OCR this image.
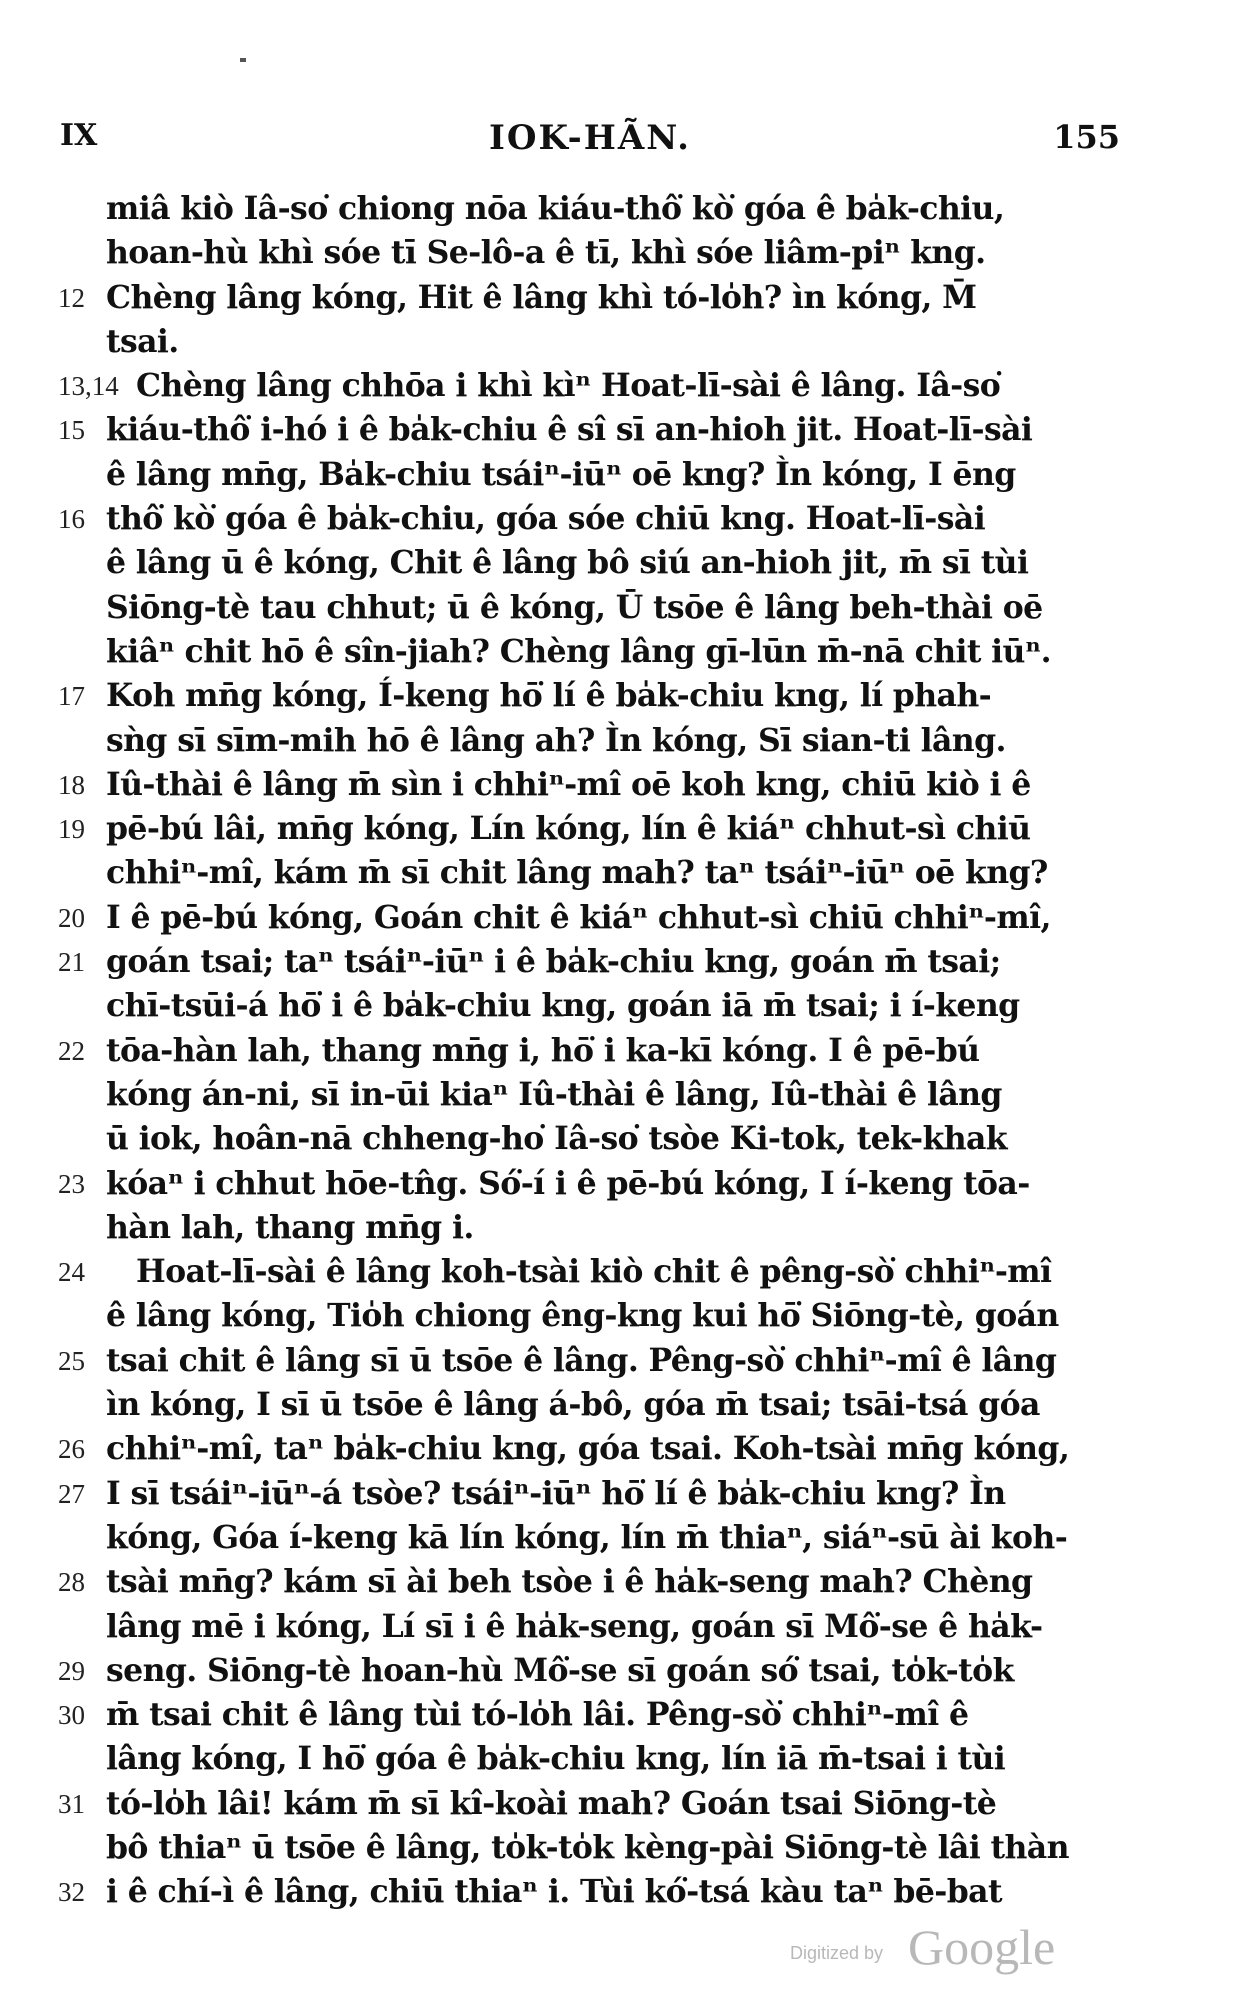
IX	IOK-HÃN.	155
miâ kiò Iâ-so͘ chiong nōa kiáu-thô͘ kò͘ góa ê ba̍k-chiu,
hoan-hù khì sóe tī Se-lô-a ê tī, khì sóe liâm-piⁿ kng.
12 Chèng lâng kóng, Hit ê lâng khì tó-lo̍h? ìn kóng, M̄
tsai.
13,14 Chèng lâng chhōa i khì kìⁿ Hoat-lī-sài ê lâng. Iâ-so͘
15 kiáu-thô͘ i-hó i ê ba̍k-chiu ê sî sī an-hioh jit. Hoat-lī-sài
ê lâng mn̄g, Ba̍k-chiu tsáiⁿ-iūⁿ oē kng? Ìn kóng, I ēng
16 thô͘ kò͘ góa ê ba̍k-chiu, góa sóe chiū kng. Hoat-lī-sài
ê lâng ū ê kóng, Chit ê lâng bô siú an-hioh jit, m̄ sī tùi
Siōng-tè tau chhut; ū ê kóng, Ū tsōe ê lâng beh-thài oē
kiâⁿ chit hō ê sîn-jiah? Chèng lâng gī-lūn m̄-nā chit iūⁿ.
17 Koh mn̄g kóng, Í-keng hō͘ lí ê ba̍k-chiu kng, lí phah-
sǹg sī sīm-mih hō ê lâng ah? Ìn kóng, Sī sian-ti lâng.
18 Iû-thài ê lâng m̄ sìn i chhiⁿ-mî oē koh kng, chiū kiò i ê
19 pē-bú lâi, mn̄g kóng, Lín kóng, lín ê kiáⁿ chhut-sì chiū
chhiⁿ-mî, kám m̄ sī chit lâng mah? taⁿ tsáiⁿ-iūⁿ oē kng?
20 I ê pē-bú kóng, Goán chit ê kiáⁿ chhut-sì chiū chhiⁿ-mî,
21 goán tsai; taⁿ tsáiⁿ-iūⁿ i ê ba̍k-chiu kng, goán m̄ tsai;
chī-tsūi-á hō͘ i ê ba̍k-chiu kng, goán iā m̄ tsai; i í-keng
22 tōa-hàn lah, thang mn̄g i, hō͘ i ka-kī kóng. I ê pē-bú
kóng án-ni, sī in-ūi kiaⁿ Iû-thài ê lâng, Iû-thài ê lâng
ū iok, hoân-nā chheng-ho͘ Iâ-so͘ tsòe Ki-tok, tek-khak
23 kóaⁿ i chhut hōe-tn̂g. Só͘-í i ê pē-bú kóng, I í-keng tōa-
hàn lah, thang mn̄g i.
24	Hoat-lī-sài ê lâng koh-tsài kiò chit ê pêng-sò͘ chhiⁿ-mî
ê lâng kóng, Tio̍h chiong êng-kng kui hō͘ Siōng-tè, goán
25 tsai chit ê lâng sī ū tsōe ê lâng. Pêng-sò͘ chhiⁿ-mî ê lâng
ìn kóng, I sī ū tsōe ê lâng á-bô, góa m̄ tsai; tsāi-tsá góa
26 chhiⁿ-mî, taⁿ ba̍k-chiu kng, góa tsai. Koh-tsài mn̄g kóng,
27 I sī tsáiⁿ-iūⁿ-á tsòe? tsáiⁿ-iūⁿ hō͘ lí ê ba̍k-chiu kng? Ìn
kóng, Góa í-keng kā lín kóng, lín m̄ thiaⁿ, siáⁿ-sū ài koh-
28 tsài mn̄g? kám sī ài beh tsòe i ê ha̍k-seng mah? Chèng
lâng mē i kóng, Lí sī i ê ha̍k-seng, goán sī Mô͘-se ê ha̍k-
29 seng. Siōng-tè hoan-hù Mô͘-se sī goán só͘ tsai, to̍k-to̍k
30 m̄ tsai chit ê lâng tùi tó-lo̍h lâi. Pêng-sò͘ chhiⁿ-mî ê
lâng kóng, I hō͘ góa ê ba̍k-chiu kng, lín iā m̄-tsai i tùi
31 tó-lo̍h lâi! kám m̄ sī kî-koài mah? Goán tsai Siōng-tè
bô thiaⁿ ū tsōe ê lâng, to̍k-to̍k kèng-pài Siōng-tè lâi thàn
32 i ê chí-ì ê lâng, chiū thiaⁿ i. Tùi kó͘-tsá kàu taⁿ bē-bat
Digitized by Google
